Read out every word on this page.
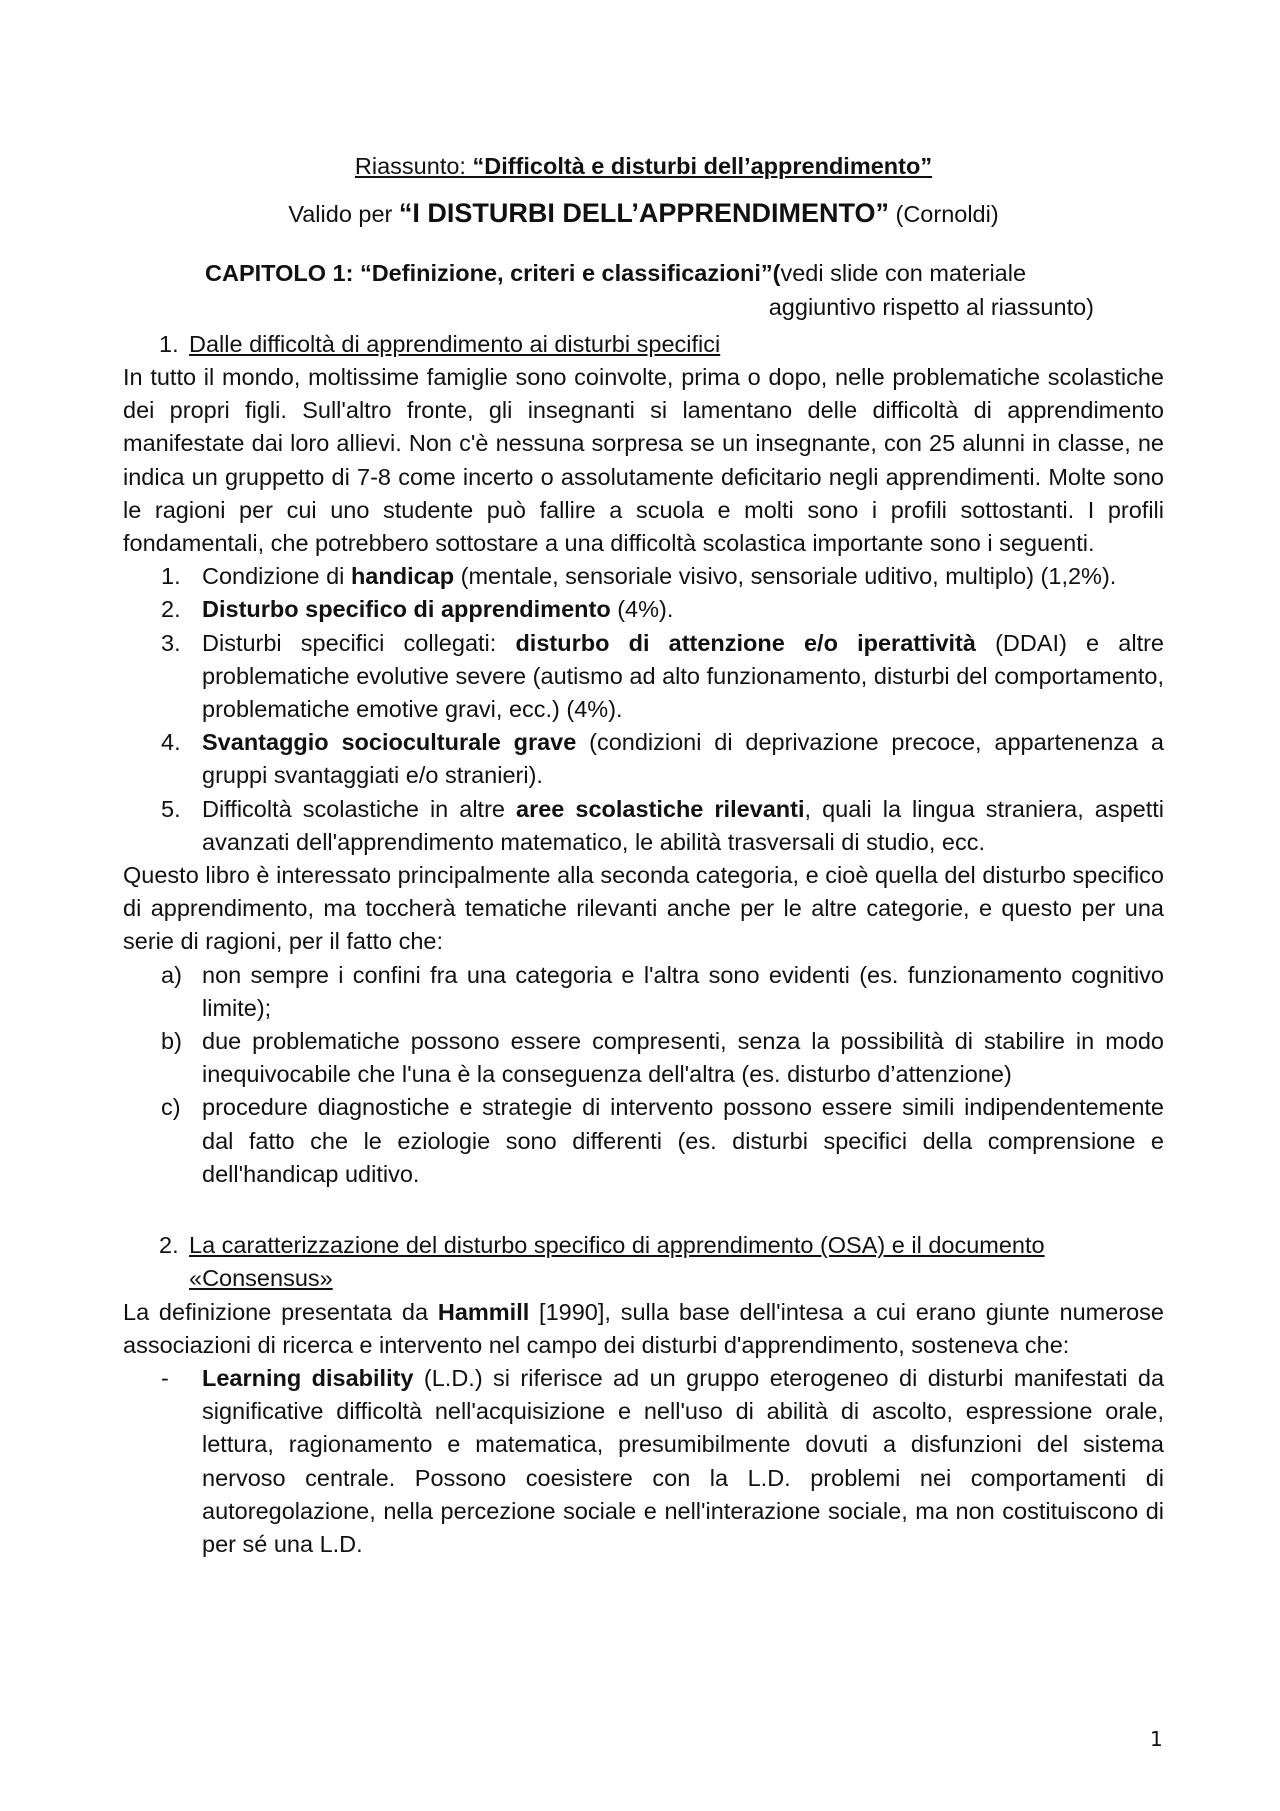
Riassunto: “Difficoltà e disturbi dell’apprendimento”

Valido per “I DISTURBI DELL’APPRENDIMENTO” (Cornoldi)

CAPITOLO 1: “Definizione, criteri e classificazioni”(vedi slide con materiale
aggiuntivo rispetto al riassunto)
1. Dalle difficoltà di apprendimento ai disturbi specifici

In tutto il mondo, moltissime famiglie sono coinvolte, prima o dopo, nelle problematiche scolastiche dei propri figli. Sull'altro fronte, gli insegnanti si lamentano delle difficoltà di apprendimento manifestate dai loro allievi. Non c'è nessuna sorpresa se un insegnante, con 25 alunni in classe, ne indica un gruppetto di 7-8 come incerto o assolutamente deficitario negli apprendimenti. Molte sono le ragioni per cui uno studente può fallire a scuola e molti sono i profili sottostanti. I profili fondamentali, che potrebbero sottostare a una difficoltà scolastica importante sono i seguenti.

1. Condizione di handicap (mentale, sensoriale visivo, sensoriale uditivo, multiplo) (1,2%).
2. Disturbo specifico di apprendimento (4%).
3. Disturbi specifici collegati: disturbo di attenzione e/o iperattività (DDAI) e altre problematiche evolutive severe (autismo ad alto funzionamento, disturbi del comportamento, problematiche emotive gravi, ecc.) (4%).
4. Svantaggio socioculturale grave (condizioni di deprivazione precoce, appartenenza a gruppi svantaggiati e/o stranieri).
5. Difficoltà scolastiche in altre aree scolastiche rilevanti, quali la lingua straniera, aspetti avanzati dell'apprendimento matematico, le abilità trasversali di studio, ecc.

Questo libro è interessato principalmente alla seconda categoria, e cioè quella del disturbo specifico di apprendimento, ma toccherà tematiche rilevanti anche per le altre categorie, e questo per una serie di ragioni, per il fatto che:

a) non sempre i confini fra una categoria e l'altra sono evidenti (es. funzionamento cognitivo limite);
b) due problematiche possono essere compresenti, senza la possibilità di stabilire in modo inequivocabile che l'una è la conseguenza dell'altra (es. disturbo d’attenzione)
c) procedure diagnostiche e strategie di intervento possono essere simili indipendentemente dal fatto che le eziologie sono differenti (es. disturbi specifici della comprensione e dell'handicap uditivo.
2. La caratterizzazione del disturbo specifico di apprendimento (OSA) e il documento «Consensus»

La definizione presentata da Hammill [1990], sulla base dell'intesa a cui erano giunte numerose associazioni di ricerca e intervento nel campo dei disturbi d'apprendimento, sosteneva che:

- Learning disability (L.D.) si riferisce ad un gruppo eterogeneo di disturbi manifestati da significative difficoltà nell'acquisizione e nell'uso di abilità di ascolto, espressione orale, lettura, ragionamento e matematica, presumibilmente dovuti a disfunzioni del sistema nervoso centrale. Possono coesistere con la L.D. problemi nei comportamenti di autoregolazione, nella percezione sociale e nell'interazione sociale, ma non costituiscono di per sé una L.D.
1
